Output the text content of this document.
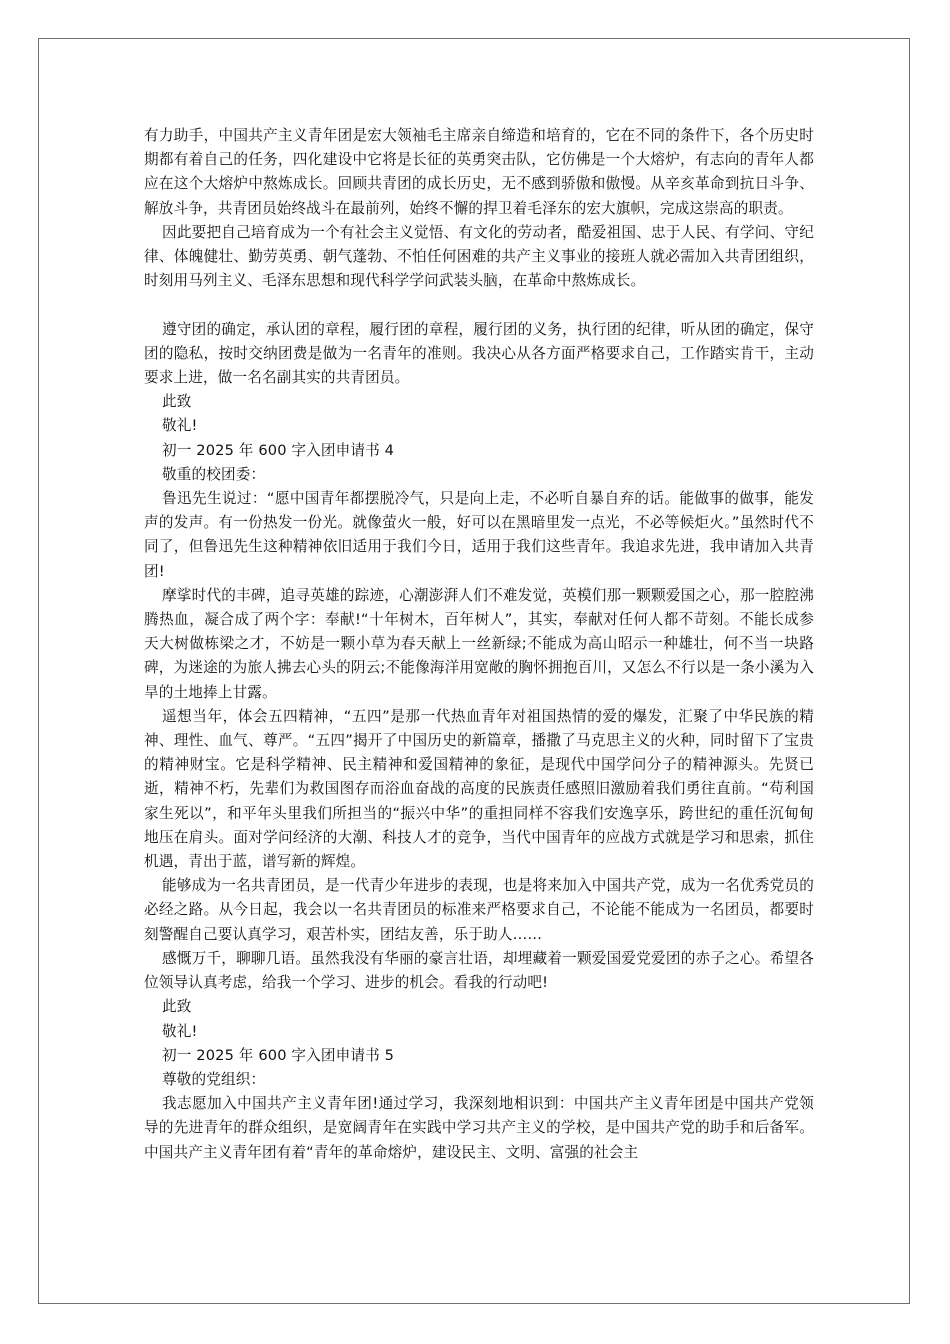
有力助手，中国共产主义青年团是宏大领袖毛主席亲自缔造和培育的，它在不同的条件下，各个历史时期都有着自己的任务，四化建设中它将是长征的英勇突击队，它仿佛是一个大熔炉，有志向的青年人都应在这个大熔炉中熬炼成长。回顾共青团的成长历史，无不感到骄傲和傲慢。从辛亥革命到抗日斗争、解放斗争，共青团员始终战斗在最前列，始终不懈的捍卫着毛泽东的宏大旗帜，完成这崇高的职责。

因此要把自己培育成为一个有社会主义觉悟、有文化的劳动者，酷爱祖国、忠于人民、有学问、守纪律、体魄健壮、勤劳英勇、朝气蓬勃、不怕任何困难的共产主义事业的接班人就必需加入共青团组织，时刻用马列主义、毛泽东思想和现代科学学问武装头脑，在革命中熬炼成长。

遵守团的确定，承认团的章程，履行团的章程，履行团的义务，执行团的纪律，听从团的确定，保守团的隐私，按时交纳团费是做为一名青年的准则。我决心从各方面严格要求自己，工作踏实肯干，主动要求上进，做一名名副其实的共青团员。

此致

敬礼!

初一 2025 年 600 字入团申请书 4

敬重的校团委：

鲁迅先生说过：“愿中国青年都摆脱冷气，只是向上走，不必听自暴自弃的话。能做事的做事，能发声的发声。有一份热发一份光。就像萤火一般，好可以在黑暗里发一点光，不必等候炬火。”虽然时代不同了，但鲁迅先生这种精神依旧适用于我们今日，适用于我们这些青年。我追求先进，我申请加入共青团!

摩挲时代的丰碑，追寻英雄的踪迹，心潮澎湃人们不难发觉，英模们那一颗颗爱国之心，那一腔腔沸腾热血，凝合成了两个字：奉献!“十年树木，百年树人”，其实，奉献对任何人都不苛刻。不能长成参天大树做栋梁之才，不妨是一颗小草为春天献上一丝新绿;不能成为高山昭示一种雄壮，何不当一块路碑，为迷途的为旅人拂去心头的阴云;不能像海洋用宽敞的胸怀拥抱百川，又怎么不行以是一条小溪为入旱的土地捧上甘露。

遥想当年，体会五四精神，“五四”是那一代热血青年对祖国热情的爱的爆发，汇聚了中华民族的精神、理性、血气、尊严。“五四”揭开了中国历史的新篇章，播撒了马克思主义的火种，同时留下了宝贵的精神财宝。它是科学精神、民主精神和爱国精神的象征，是现代中国学问分子的精神源头。先贤已逝，精神不朽，先辈们为救国图存而浴血奋战的高度的民族责任感照旧激励着我们勇往直前。“苟利国家生死以”，和平年头里我们所担当的“振兴中华”的重担同样不容我们安逸享乐，跨世纪的重任沉甸甸地压在肩头。面对学问经济的大潮、科技人才的竞争，当代中国青年的应战方式就是学习和思索，抓住机遇，青出于蓝，谱写新的辉煌。

能够成为一名共青团员，是一代青少年进步的表现，也是将来加入中国共产党，成为一名优秀党员的必经之路。从今日起，我会以一名共青团员的标准来严格要求自己，不论能不能成为一名团员，都要时刻警醒自己要认真学习，艰苦朴实，团结友善，乐于助人……

感慨万千，聊聊几语。虽然我没有华丽的豪言壮语，却埋藏着一颗爱国爱党爱团的赤子之心。希望各位领导认真考虑，给我一个学习、进步的机会。看我的行动吧!

此致

敬礼!

初一 2025 年 600 字入团申请书 5

尊敬的党组织：

我志愿加入中国共产主义青年团!通过学习，我深刻地相识到：中国共产主义青年团是中国共产党领导的先进青年的群众组织，是宽阔青年在实践中学习共产主义的学校，是中国共产党的助手和后备军。中国共产主义青年团有着“青年的革命熔炉，建设民主、文明、富强的社会主
